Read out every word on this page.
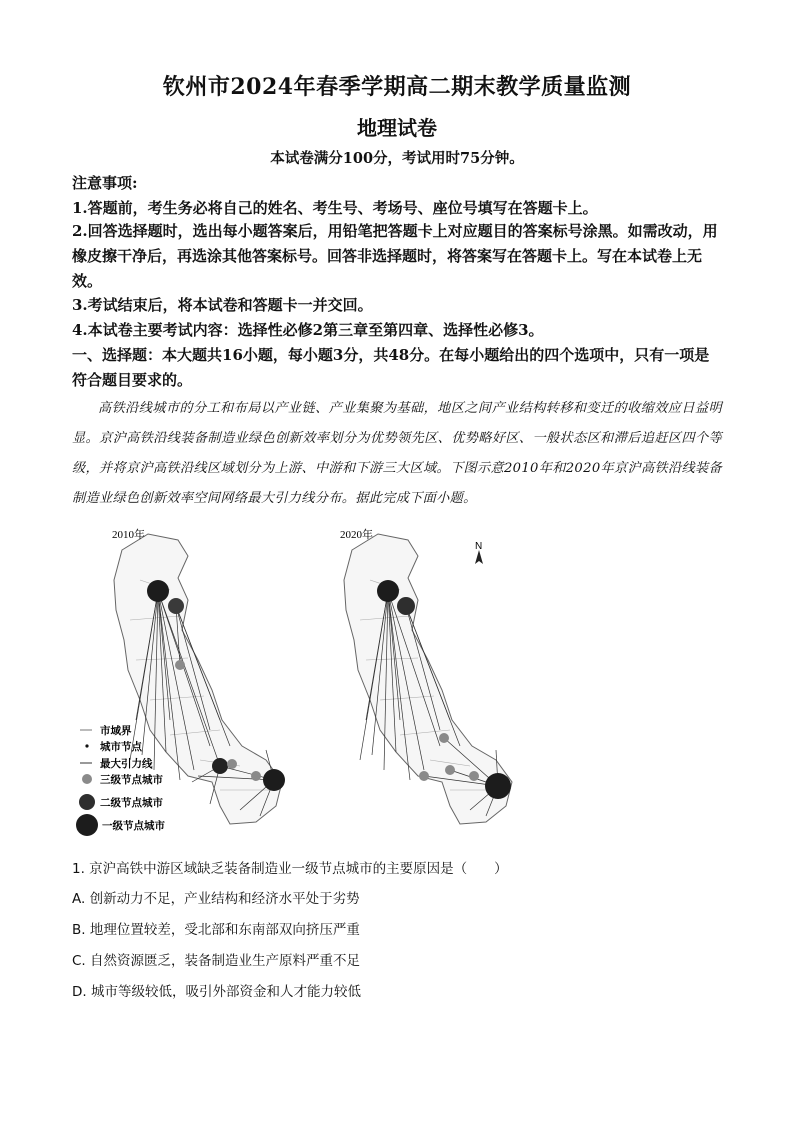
钦州市2024年春季学期高二期末教学质量监测
地理试卷
本试卷满分100分，考试用时75分钟。
注意事项:
1.答题前，考生务必将自己的姓名、考生号、考场号、座位号填写在答题卡上。
2.回答选择题时，选出每小题答案后，用铅笔把答题卡上对应题目的答案标号涂黑。如需改动，用橡皮擦干净后，再选涂其他答案标号。回答非选择题时，将答案写在答题卡上。写在本试卷上无效。
3.考试结束后，将本试卷和答题卡一并交回。
4.本试卷主要考试内容：选择性必修2第三章至第四章、选择性必修3。
一、选择题：本大题共16小题，每小题3分，共48分。在每小题给出的四个选项中，只有一项是符合题目要求的。
高铁沿线城市的分工和布局以产业链、产业集聚为基础，地区之间产业结构转移和变迁的收缩效应日益明显。京沪高铁沿线装备制造业绿色创新效率划分为优势领先区、优势略好区、一般状态区和滞后追赶区四个等级，并将京沪高铁沿线区域划分为上游、中游和下游三大区域。下图示意2010年和2020年京沪高铁沿线装备制造业绿色创新效率空间网络最大引力线分布。据此完成下面小题。
2010年	2020年
N
市域界
城市节点
最大引力线
三级节点城市
二级节点城市
一级节点城市
1. 京沪高铁中游区域缺乏装备制造业一级节点城市的主要原因是（　　）
A. 创新动力不足，产业结构和经济水平处于劣势
B. 地理位置较差，受北部和东南部双向挤压严重
C. 自然资源匮乏，装备制造业生产原料严重不足
D. 城市等级较低，吸引外部资金和人才能力较低
